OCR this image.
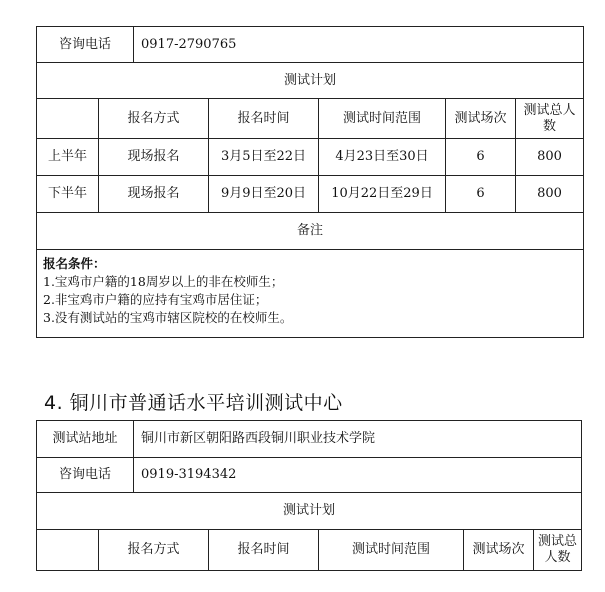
咨询电话		0917-2790765				
测试计划						
	报名方式		报名时间	测试时间范围	测试场次	测试总人数
上半年	现场报名		3月5日至22日	4月23日至30日	6	800
下半年	现场报名		9月9日至20日	10月22日至29日	6	800
备注						

报名条件：
1.宝鸡市户籍的18周岁以上的非在校师生；
2.非宝鸡市户籍的应持有宝鸡市居住证；
3.没有测试站的宝鸡市辖区院校的在校师生。						
4. 铜川市普通话水平培训测试中心
测试站地址		铜川市新区朝阳路西段铜川职业技术学院				
咨询电话		0919-3194342				
测试计划						
	报名方式		报名时间	测试时间范围	测试场次	测试总人数
